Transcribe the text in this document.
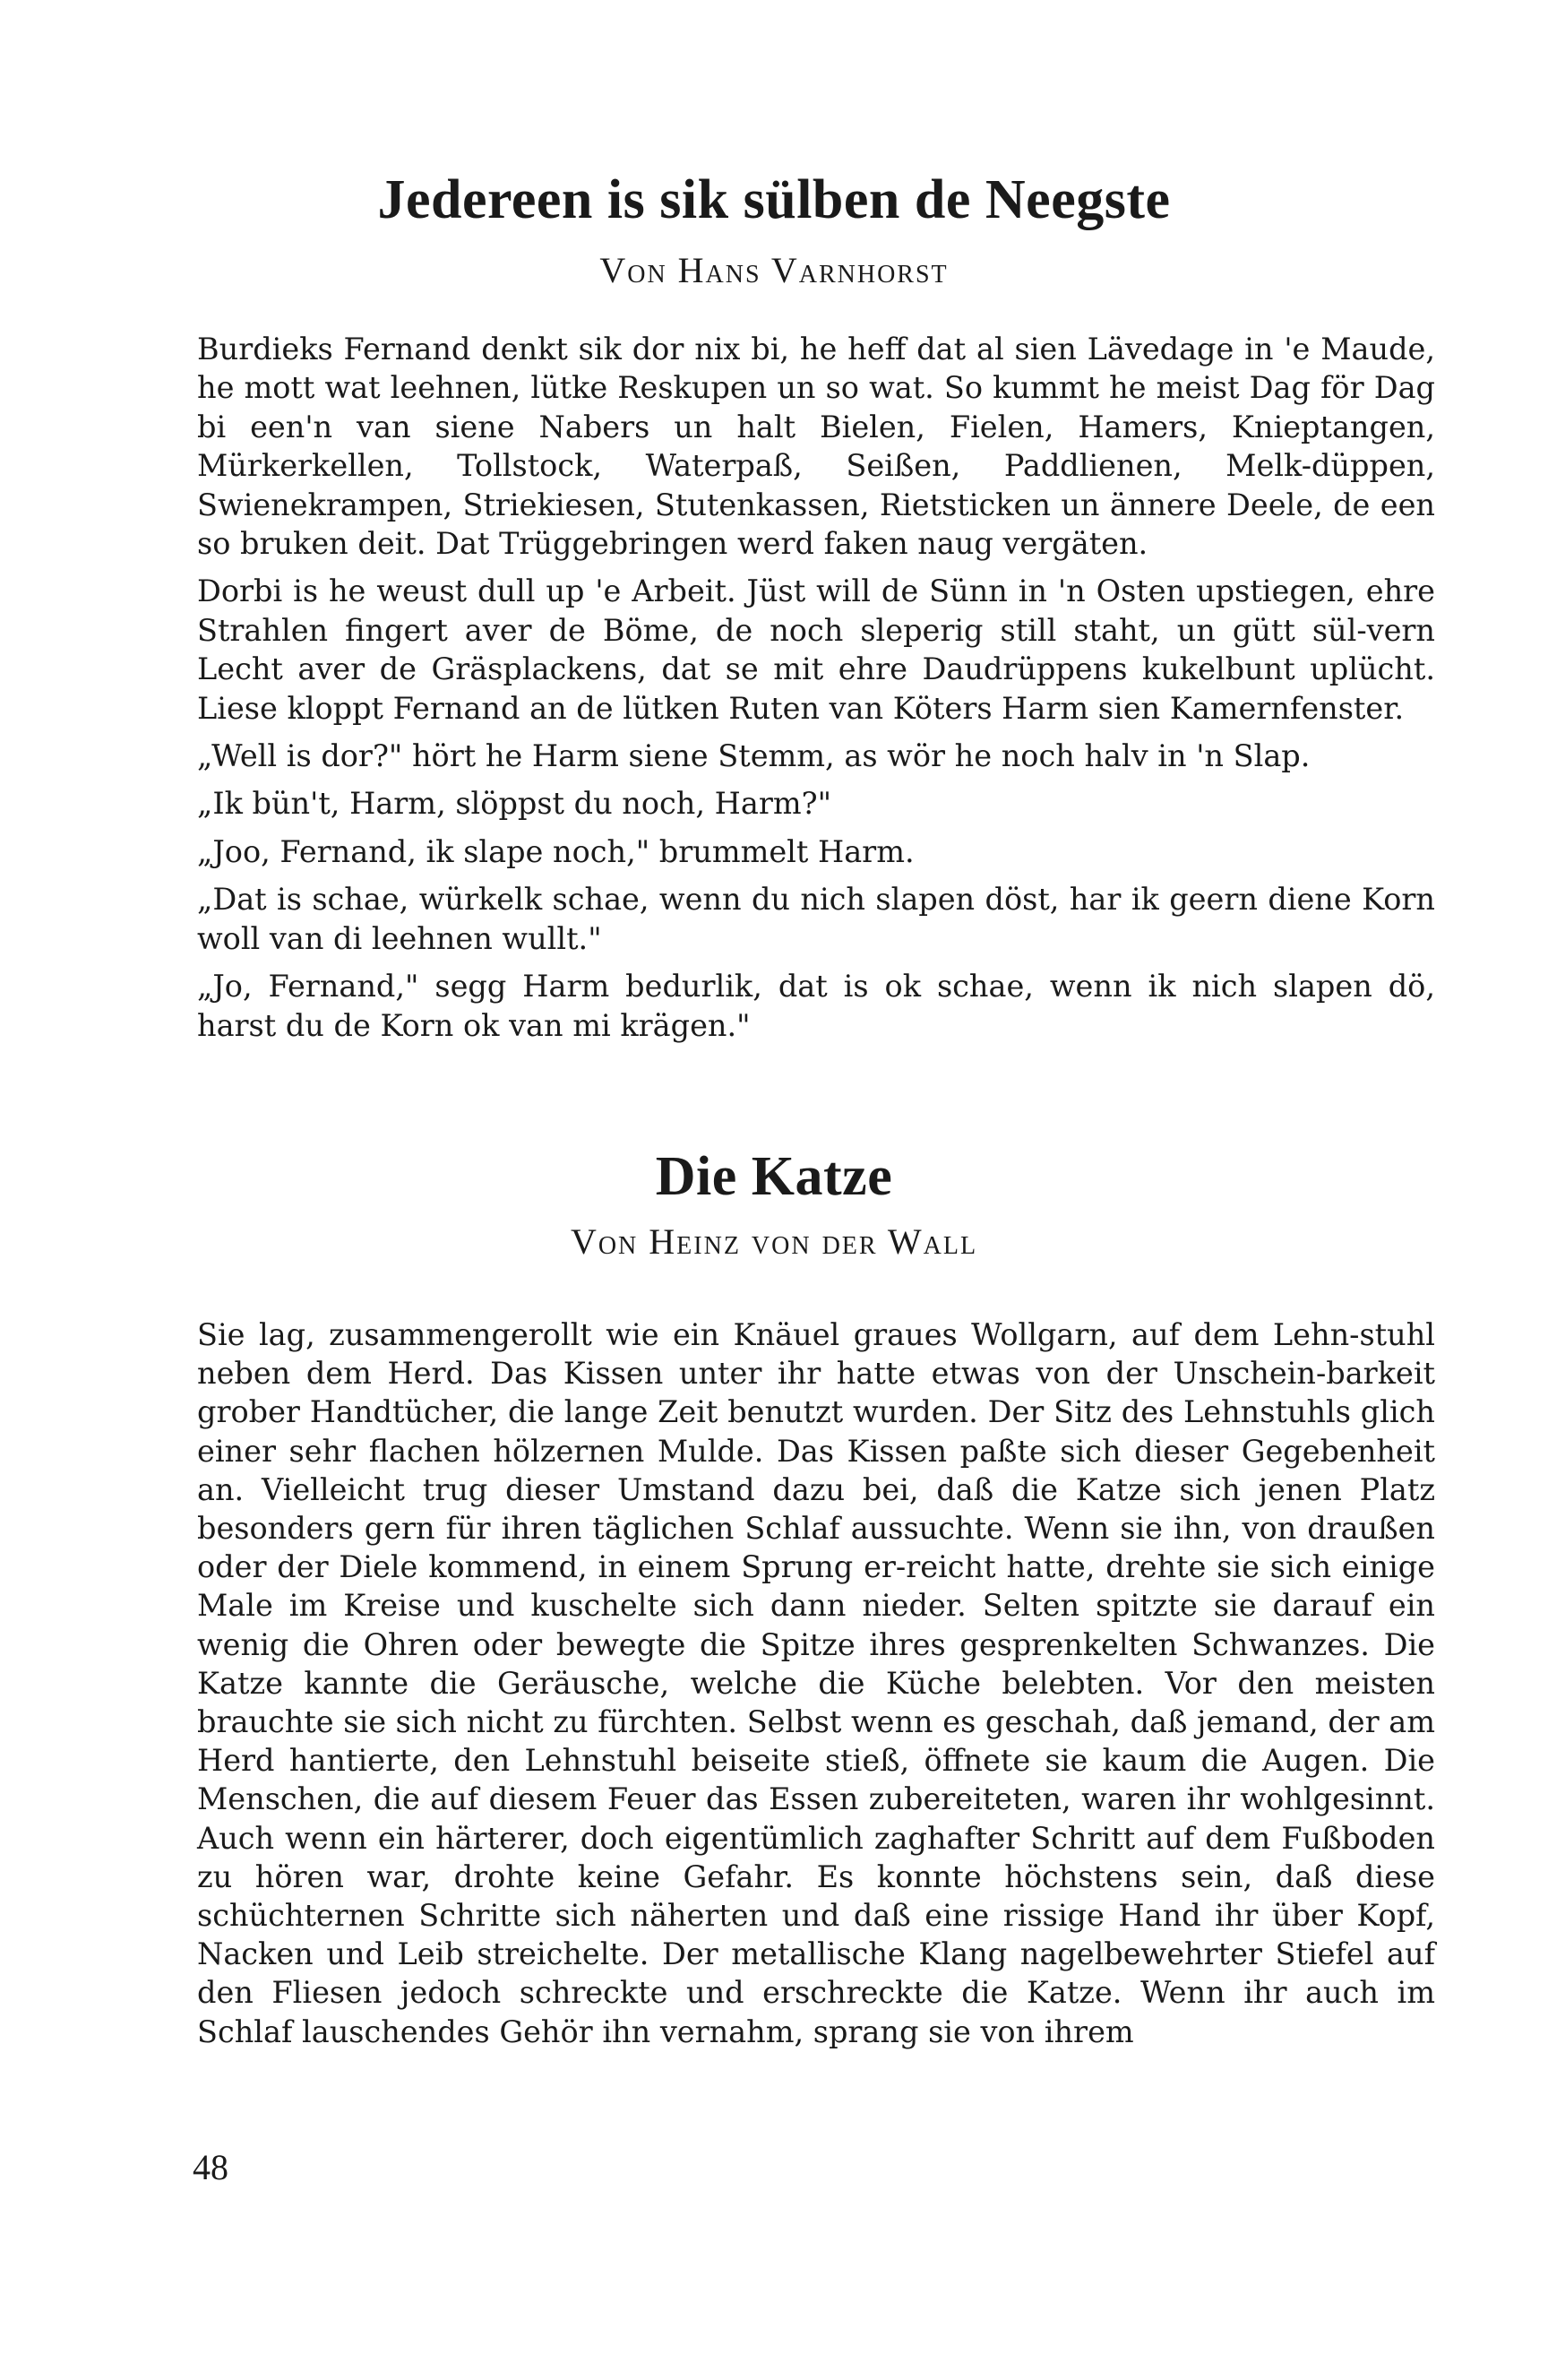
Jedereen is sik sülben de Neegste
Von Hans Varnhorst

Burdieks Fernand denkt sik dor nix bi, he heff dat al sien Lävedage in 'e Maude, he mott wat leehnen, lütke Reskupen un so wat. So kummt he meist Dag för Dag bi een'n van siene Nabers un halt Bielen, Fielen, Hamers, Knieptangen, Mürkerkellen, Tollstock, Waterpaß, Seißen, Paddlienen, Melk-düppen, Swienekrampen, Striekiesen, Stutenkassen, Rietsticken un ännere Deele, de een so bruken deit. Dat Trüggebringen werd faken naug vergäten.

Dorbi is he weust dull up 'e Arbeit. Jüst will de Sünn in 'n Osten upstiegen, ehre Strahlen fingert aver de Böme, de noch sleperig still staht, un gütt sül-vern Lecht aver de Gräsplackens, dat se mit ehre Daudrüppens kukelbunt uplücht. Liese kloppt Fernand an de lütken Ruten van Köters Harm sien Kamernfenster.

„Well is dor?" hört he Harm siene Stemm, as wör he noch halv in 'n Slap.

„Ik bün't, Harm, slöppst du noch, Harm?"

„Joo, Fernand, ik slape noch," brummelt Harm.

„Dat is schae, würkelk schae, wenn du nich slapen döst, har ik geern diene Korn woll van di leehnen wullt."

„Jo, Fernand," segg Harm bedurlik, dat is ok schae, wenn ik nich slapen dö, harst du de Korn ok van mi krägen."

Die Katze
Von Heinz von der Wall

Sie lag, zusammengerollt wie ein Knäuel graues Wollgarn, auf dem Lehn-stuhl neben dem Herd. Das Kissen unter ihr hatte etwas von der Unschein-barkeit grober Handtücher, die lange Zeit benutzt wurden. Der Sitz des Lehnstuhls glich einer sehr flachen hölzernen Mulde. Das Kissen paßte sich dieser Gegebenheit an. Vielleicht trug dieser Umstand dazu bei, daß die Katze sich jenen Platz besonders gern für ihren täglichen Schlaf aussuchte. Wenn sie ihn, von draußen oder der Diele kommend, in einem Sprung er-reicht hatte, drehte sie sich einige Male im Kreise und kuschelte sich dann nieder. Selten spitzte sie darauf ein wenig die Ohren oder bewegte die Spitze ihres gesprenkelten Schwanzes. Die Katze kannte die Geräusche, welche die Küche belebten. Vor den meisten brauchte sie sich nicht zu fürchten. Selbst wenn es geschah, daß jemand, der am Herd hantierte, den Lehnstuhl beiseite stieß, öffnete sie kaum die Augen. Die Menschen, die auf diesem Feuer das Essen zubereiteten, waren ihr wohlgesinnt. Auch wenn ein härterer, doch eigentümlich zaghafter Schritt auf dem Fußboden zu hören war, drohte keine Gefahr. Es konnte höchstens sein, daß diese schüchternen Schritte sich näherten und daß eine rissige Hand ihr über Kopf, Nacken und Leib streichelte. Der metallische Klang nagelbewehrter Stiefel auf den Fliesen jedoch schreckte und erschreckte die Katze. Wenn ihr auch im Schlaf lauschendes Gehör ihn vernahm, sprang sie von ihrem

48
